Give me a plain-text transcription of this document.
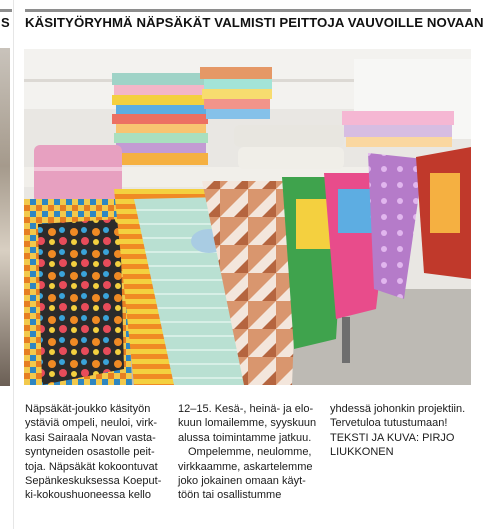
S KÄSITYÖRYHMÄ NÄPSÄKÄT VALMISTI PEITTOJA VAUVOILLE NOVAAN
Näpsäkät-joukko käsityön
ystäviä ompeli, neuloi, virk-
kasi Sairaala Novan vasta-
syntyneiden osastolle peit-
toja. Näpsäkät kokoontuvat
Sepänkeskuksessa Koeput-
ki-kokoushuoneessa kello
12–15. Kesä-, heinä- ja elo-
kuun lomailemme, syyskuun
alussa toimintamme jatkuu.
Ompelemme, neulomme,
virkkaamme, askartelemme
joko jokainen omaan käyt-
töön tai osallistumme
yhdessä johonkin projektiin.
Tervetuloa tutustumaan!
TEKSTI JA KUVA: PIRJO
LIUKKONEN
